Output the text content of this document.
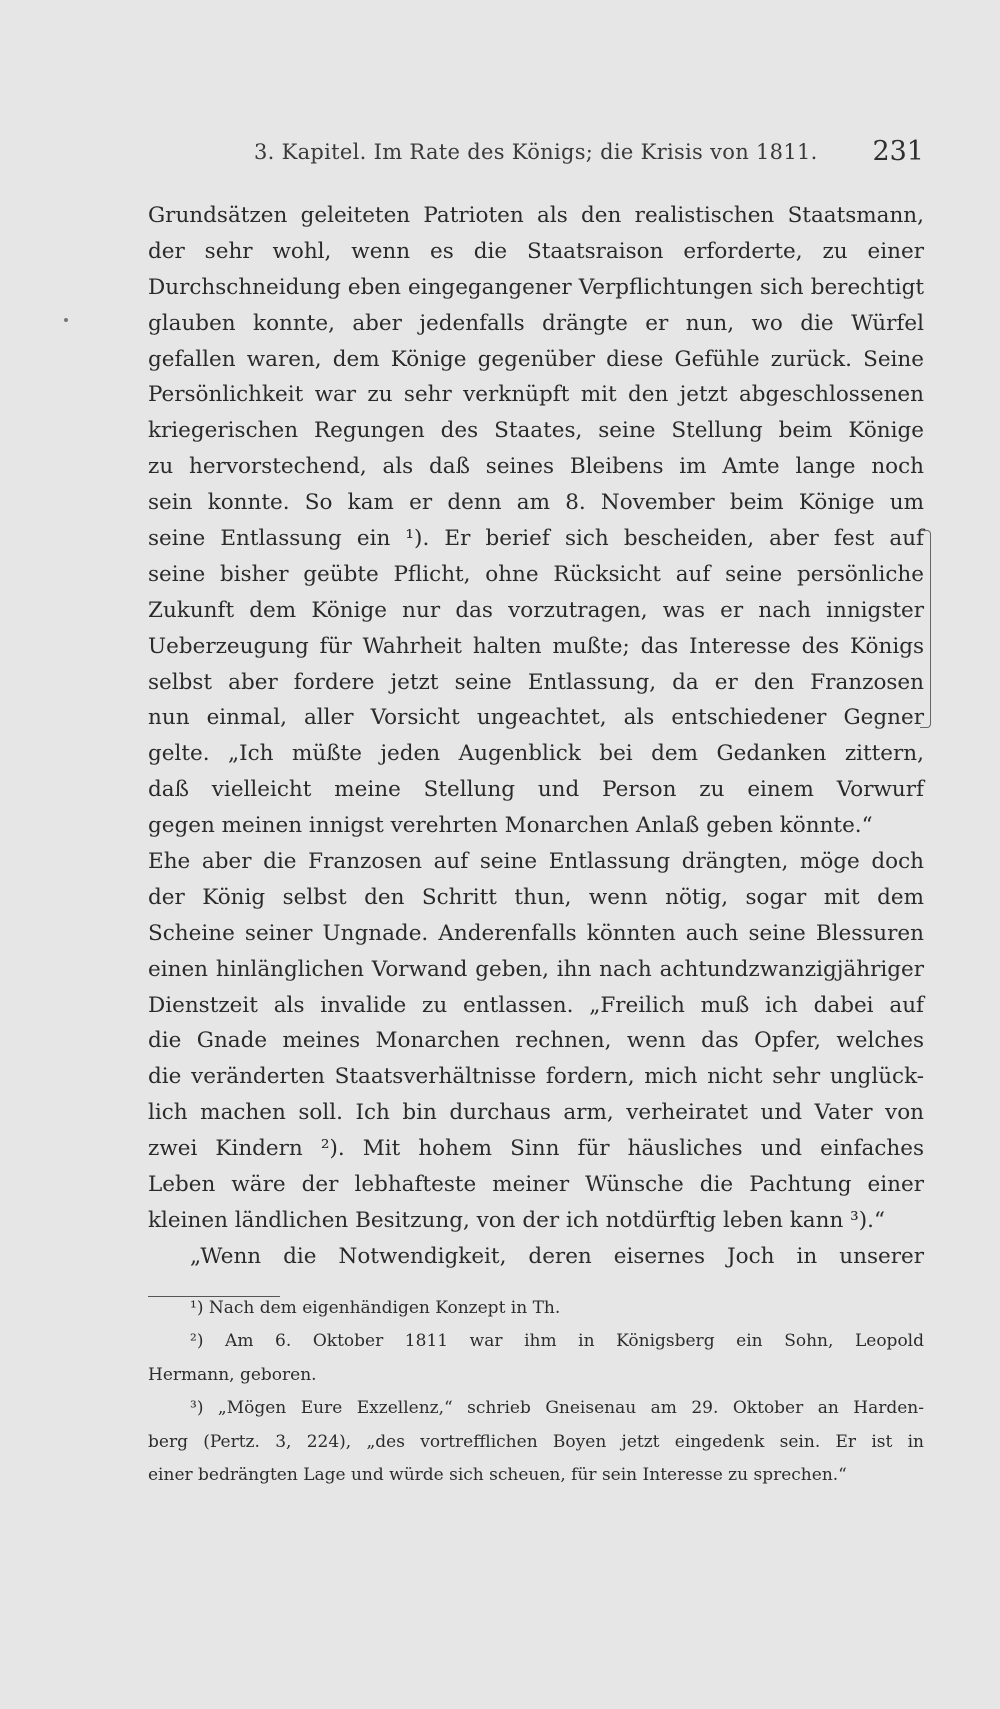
3. Kapitel. Im Rate des Königs; die Krisis von 1811. 231
Grundsätzen geleiteten Patrioten als den realistischen Staatsmann,
der sehr wohl, wenn es die Staatsraison erforderte, zu einer
Durchschneidung eben eingegangener Verpflichtungen sich berechtigt
glauben konnte, aber jedenfalls drängte er nun, wo die Würfel
gefallen waren, dem Könige gegenüber diese Gefühle zurück. Seine
Persönlichkeit war zu sehr verknüpft mit den jetzt abgeschlossenen
kriegerischen Regungen des Staates, seine Stellung beim Könige
zu hervorstechend, als daß seines Bleibens im Amte lange noch
sein konnte. So kam er denn am 8. November beim Könige um
seine Entlassung ein ¹). Er berief sich bescheiden, aber fest auf
seine bisher geübte Pflicht, ohne Rücksicht auf seine persönliche
Zukunft dem Könige nur das vorzutragen, was er nach innigster
Ueberzeugung für Wahrheit halten mußte; das Interesse des Königs
selbst aber fordere jetzt seine Entlassung, da er den Franzosen
nun einmal, aller Vorsicht ungeachtet, als entschiedener Gegner
gelte. „Ich müßte jeden Augenblick bei dem Gedanken zittern,
daß vielleicht meine Stellung und Person zu einem Vorwurf
gegen meinen innigst verehrten Monarchen Anlaß geben könnte.“
Ehe aber die Franzosen auf seine Entlassung drängten, möge doch
der König selbst den Schritt thun, wenn nötig, sogar mit dem
Scheine seiner Ungnade. Anderenfalls könnten auch seine Blessuren
einen hinlänglichen Vorwand geben, ihn nach achtundzwanzigjähriger
Dienstzeit als invalide zu entlassen. „Freilich muß ich dabei auf
die Gnade meines Monarchen rechnen, wenn das Opfer, welches
die veränderten Staatsverhältnisse fordern, mich nicht sehr unglück-
lich machen soll. Ich bin durchaus arm, verheiratet und Vater von
zwei Kindern ²). Mit hohem Sinn für häusliches und einfaches
Leben wäre der lebhafteste meiner Wünsche die Pachtung einer
kleinen ländlichen Besitzung, von der ich notdürftig leben kann ³).“
„Wenn die Notwendigkeit, deren eisernes Joch in unserer
¹) Nach dem eigenhändigen Konzept in Th.
²) Am 6. Oktober 1811 war ihm in Königsberg ein Sohn, Leopold
Hermann, geboren.
³) „Mögen Eure Exzellenz,“ schrieb Gneisenau am 29. Oktober an Harden-
berg (Pertz. 3, 224), „des vortrefflichen Boyen jetzt eingedenk sein. Er ist in
einer bedrängten Lage und würde sich scheuen, für sein Interesse zu sprechen.“
